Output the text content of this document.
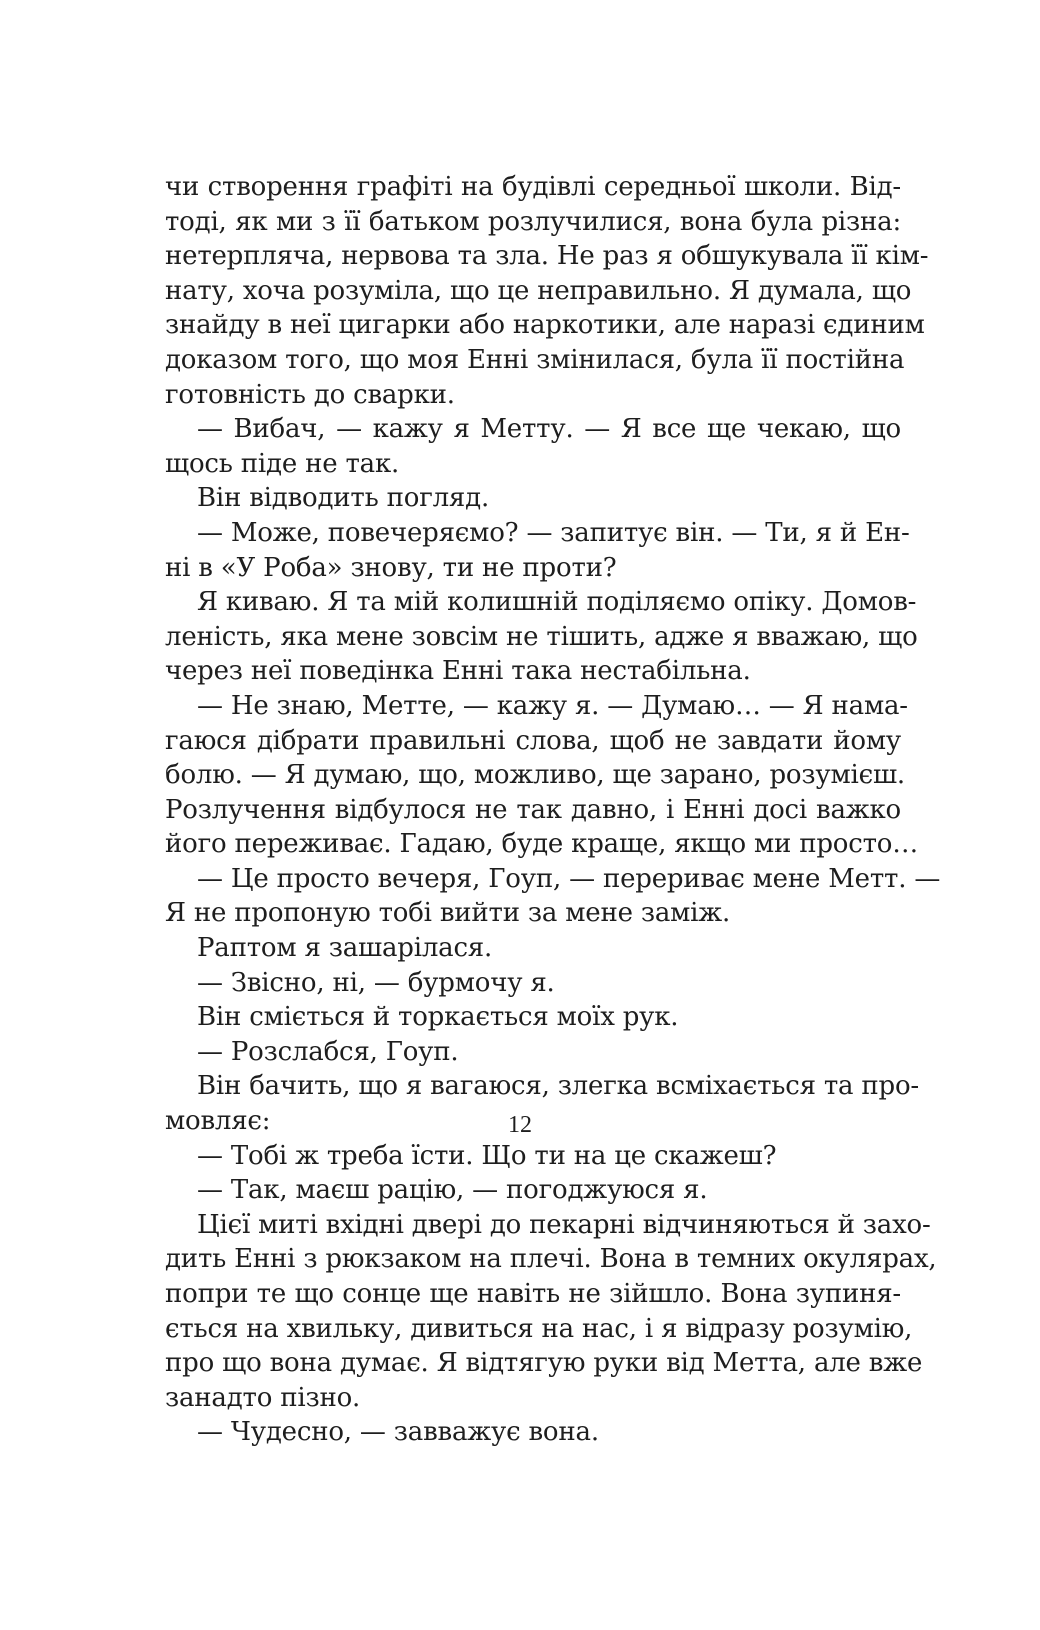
чи створення графіті на будівлі середньої школи. Від-
тоді, як ми з її батьком розлучилися, вона була різна:
нетерпляча, нервова та зла. Не раз я обшукувала її кім-
нату, хоча розуміла, що це неправильно. Я думала, що
знайду в неї цигарки або наркотики, але наразі єдиним
доказом того, що моя Енні змінилася, була її постійна
готовність до сварки.
— Вибач, — кажу я Метту. — Я все ще чекаю, що
щось піде не так.
Він відводить погляд.
— Може, повечеряємо? — запитує він. — Ти, я й Ен-
ні в «У Роба» знову, ти не проти?
Я киваю. Я та мій колишній поділяємо опіку. Домов-
леність, яка мене зовсім не тішить, адже я вважаю, що
через неї поведінка Енні така нестабільна.
— Не знаю, Метте, — кажу я. — Думаю… — Я нама-
гаюся дібрати правильні слова, щоб не завдати йому
болю. — Я думаю, що, можливо, ще зарано, розумієш.
Розлучення відбулося не так давно, і Енні досі важко
його переживає. Гадаю, буде краще, якщо ми просто…
— Це просто вечеря, Гоуп, — перериває мене Метт. —
Я не пропоную тобі вийти за мене заміж.
Раптом я зашарілася.
— Звісно, ні, — бурмочу я.
Він сміється й торкається моїх рук.
— Розслабся, Гоуп.
Він бачить, що я вагаюся, злегка всміхається та про-
мовляє:
— Тобі ж треба їсти. Що ти на це скажеш?
— Так, маєш рацію, — погоджуюся я.
Цієї миті вхідні двері до пекарні відчиняються й захо-
дить Енні з рюкзаком на плечі. Вона в темних окулярах,
попри те що сонце ще навіть не зійшло. Вона зупиня-
ється на хвильку, дивиться на нас, і я відразу розумію,
про що вона думає. Я відтягую руки від Метта, але вже
занадто пізно.
— Чудесно, — завважує вона.
12
